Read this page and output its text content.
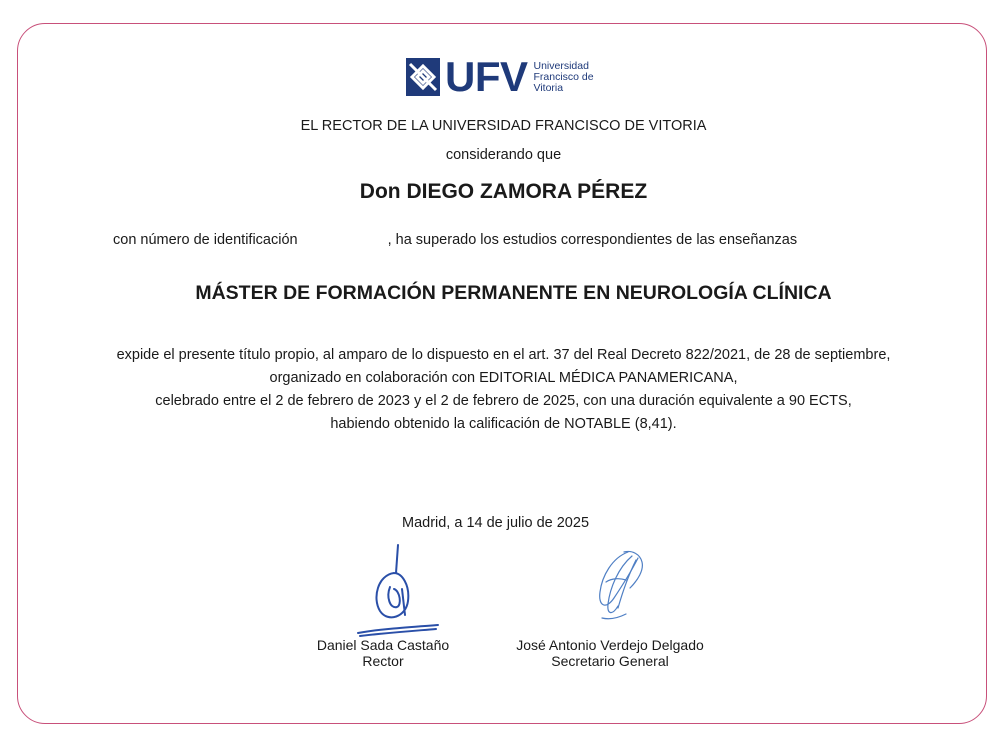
UFV Universidad
Francisco de
Vitoria
EL RECTOR DE LA UNIVERSIDAD FRANCISCO DE VITORIA
considerando que
Don DIEGO ZAMORA PÉREZ
con número de identificación	, ha superado los estudios correspondientes de las enseñanzas
MÁSTER DE FORMACIÓN PERMANENTE EN NEUROLOGÍA CLÍNICA
expide el presente título propio, al amparo de lo dispuesto en el art. 37 del Real Decreto 822/2021, de 28 de septiembre,
organizado en colaboración con EDITORIAL MÉDICA PANAMERICANA,
celebrado entre el 2 de febrero de 2023 y el 2 de febrero de 2025, con una duración equivalente a 90 ECTS,
habiendo obtenido la calificación de NOTABLE (8,41).
Madrid, a 14 de julio de 2025
Daniel Sada Castaño
Rector
José Antonio Verdejo Delgado
Secretario General
